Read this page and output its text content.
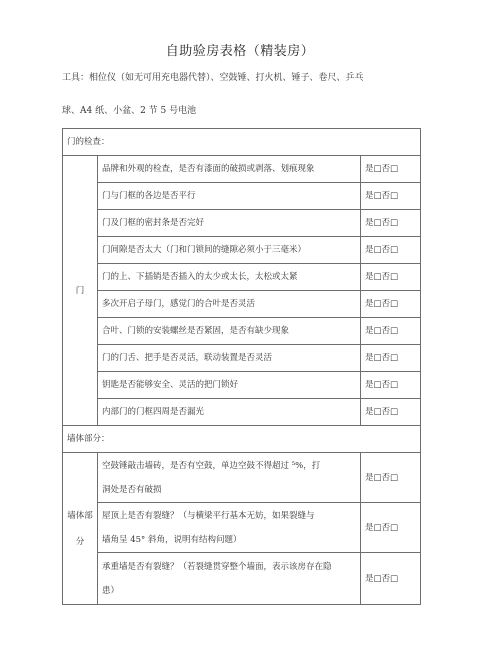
自助验房表格（精装房）
工具：相位仪（如无可用充电器代替）、空鼓锤、打火机、锤子、卷尺、乒乓
球、A4 纸、小盆、2 节 5 号电池
门的检查：		
门	品牌和外观的检查，是否有漆面的破损或剥落、划痕现象	是□否□
	门与门框的各边是否平行	是□否□
	门及门框的密封条是否完好	是□否□
	门间隙是否太大（门和门锁间的缝隙必须小于三毫米）	是□否□
	门的上、下插销是否插入的太少或太长，太松或太紧	是□否□
	多次开启子母门，感觉门的合叶是否灵活	是□否□
	合叶、门锁的安装螺丝是否紧固，是否有缺少现象	是□否□
	门的门舌、把手是否灵活，联动装置是否灵活	是□否□
	钥匙是否能够安全、灵活的把门锁好	是□否□
	内部门的门框四周是否漏光	是□否□
墙体部分：		
墙体部
分	空鼓锤敲击墙砖，是否有空鼓，单边空鼓不得超过 ⁵%，打
洞处是否有破损	是□否□
	屋顶上是否有裂缝？（与横梁平行基本无妨，如果裂缝与
墙角呈 45° 斜角，说明有结构问题）	是□否□
	承重墙是否有裂缝？（若裂缝贯穿整个墙面，表示该房存在隐
患）	是□否□
